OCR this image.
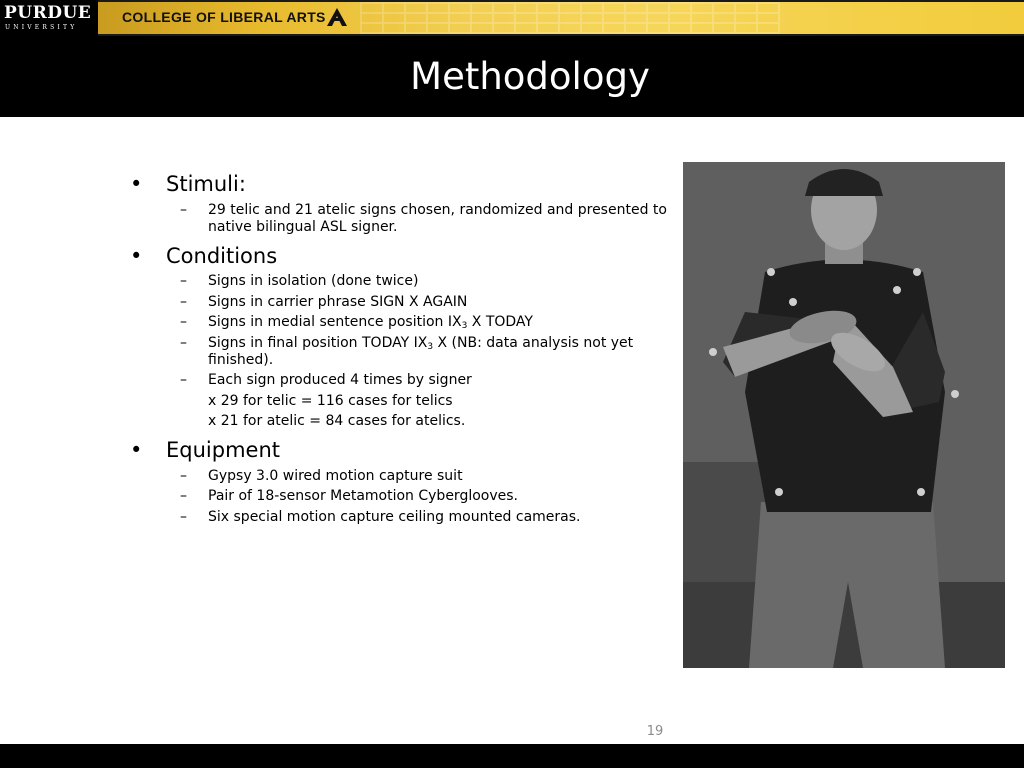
PURDUE
UNIVERSITY
COLLEGE OF LIBERAL ARTS
Methodology
• Stimuli:
– 29 telic and 21 atelic signs chosen, randomized and presented to native bilingual ASL signer.
• Conditions
– Signs in isolation (done twice)
– Signs in carrier phrase SIGN X AGAIN
– Signs in medial sentence position $IX_3$ X TODAY
– Signs in final position TODAY $IX_3$ X (NB: data analysis not yet finished).
– Each sign produced 4 times by signer
x 29 for telic = 116 cases for telics
x 21 for atelic = 84 cases for atelics.
• Equipment
– Gypsy 3.0 wired motion capture suit
– Pair of 18-sensor Metamotion Cyberglooves.
– Six special motion capture ceiling mounted cameras.
19
